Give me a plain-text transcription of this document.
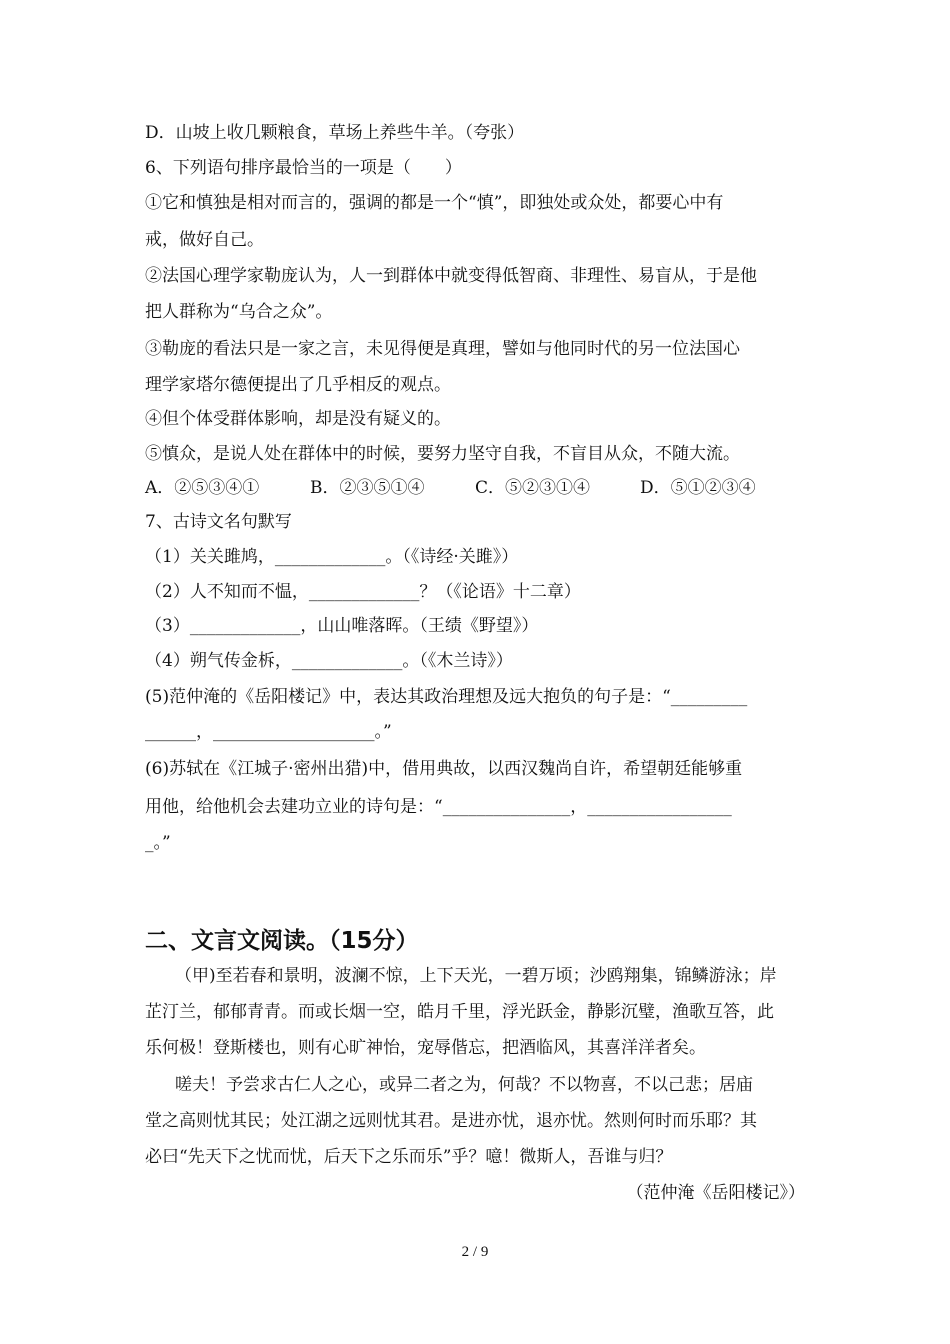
D．山坡上收几颗粮食，草场上养些牛羊。（夸张）
6、下列语句排序最恰当的一项是（　　）
①它和慎独是相对而言的，强调的都是一个“慎”，即独处或众处，都要心中有
戒，做好自己。
②法国心理学家勒庞认为，人一到群体中就变得低智商、非理性、易盲从，于是他
把人群称为“乌合之众”。
③勒庞的看法只是一家之言，未见得便是真理，譬如与他同时代的另一位法国心
理学家塔尔德便提出了几乎相反的观点。
④但个体受群体影响，却是没有疑义的。
⑤慎众，是说人处在群体中的时候，要努力坚守自我，不盲目从众，不随大流。
A．②⑤③④①	B．②③⑤①④	C．⑤②③①④	D．⑤①②③④
7、古诗文名句默写
（1）关关雎鸠，_____________。（《诗经·关雎》）
（2）人不知而不愠，_____________？（《论语》十二章）
（3）_____________，山山唯落晖。（王绩《野望》）
（4）朔气传金柝，_____________。（《木兰诗》）
(5)范仲淹的《岳阳楼记》中，表达其政治理想及远大抱负的句子是：“_________
______，___________________。”
(6)苏轼在《江城子·密州出猎)中，借用典故，以西汉魏尚自许，希望朝廷能够重
用他，给他机会去建功立业的诗句是：“_______________，_________________
_。”
二、文言文阅读。（15分）
（甲)至若春和景明，波澜不惊，上下天光，一碧万顷；沙鸥翔集，锦鳞游泳；岸
芷汀兰，郁郁青青。而或长烟一空，皓月千里，浮光跃金，静影沉璧，渔歌互答，此
乐何极！登斯楼也，则有心旷神怡，宠辱偕忘，把酒临风，其喜洋洋者矣。
嗟夫！予尝求古仁人之心，或异二者之为，何哉？不以物喜，不以己悲；居庙
堂之高则忧其民；处江湖之远则忧其君。是进亦忧，退亦忧。然则何时而乐耶？其
必曰“先天下之忧而忧，后天下之乐而乐”乎？噫！微斯人，吾谁与归？
（范仲淹《岳阳楼记》）
2 / 9
